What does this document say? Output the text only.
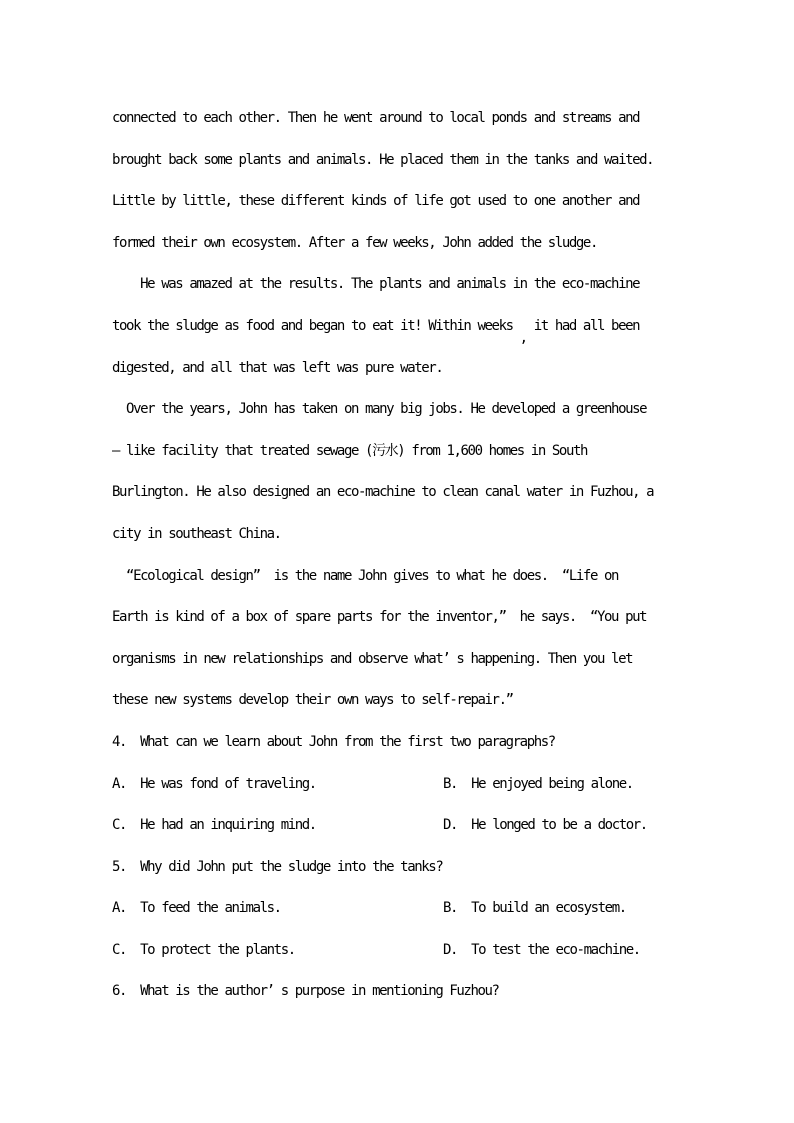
connected to each other. Then he went around to local ponds and streams and
brought back some plants and animals. He placed them in the tanks and waited.
Little by little, these different kinds of life got used to one another and
formed their own ecosystem. After a few weeks, John added the sludge.
He was amazed at the results. The plants and animals in the eco-machine
took the sludge as food and began to eat it! Within weeks , it had all been
digested, and all that was left was pure water.
Over the years, John has taken on many big jobs. He developed a greenhouse
— like facility that treated sewage (污水) from 1,600 homes in South
Burlington. He also designed an eco-machine to clean canal water in Fuzhou, a
city in southeast China.
“Ecological design”  is the name John gives to what he does.  “Life on
Earth is kind of a box of spare parts for the inventor,”  he says.  “You put
organisms in new relationships and observe what’ s happening. Then you let
these new systems develop their own ways to self-repair.”
4.  What can we learn about John from the first two paragraphs?
A.  He was fond of traveling.	B.  He enjoyed being alone.
C.  He had an inquiring mind.	D.  He longed to be a doctor.
5.  Why did John put the sludge into the tanks?
A.  To feed the animals.	B.  To build an ecosystem.
C.  To protect the plants.	D.  To test the eco-machine.
6.  What is the author’ s purpose in mentioning Fuzhou?
